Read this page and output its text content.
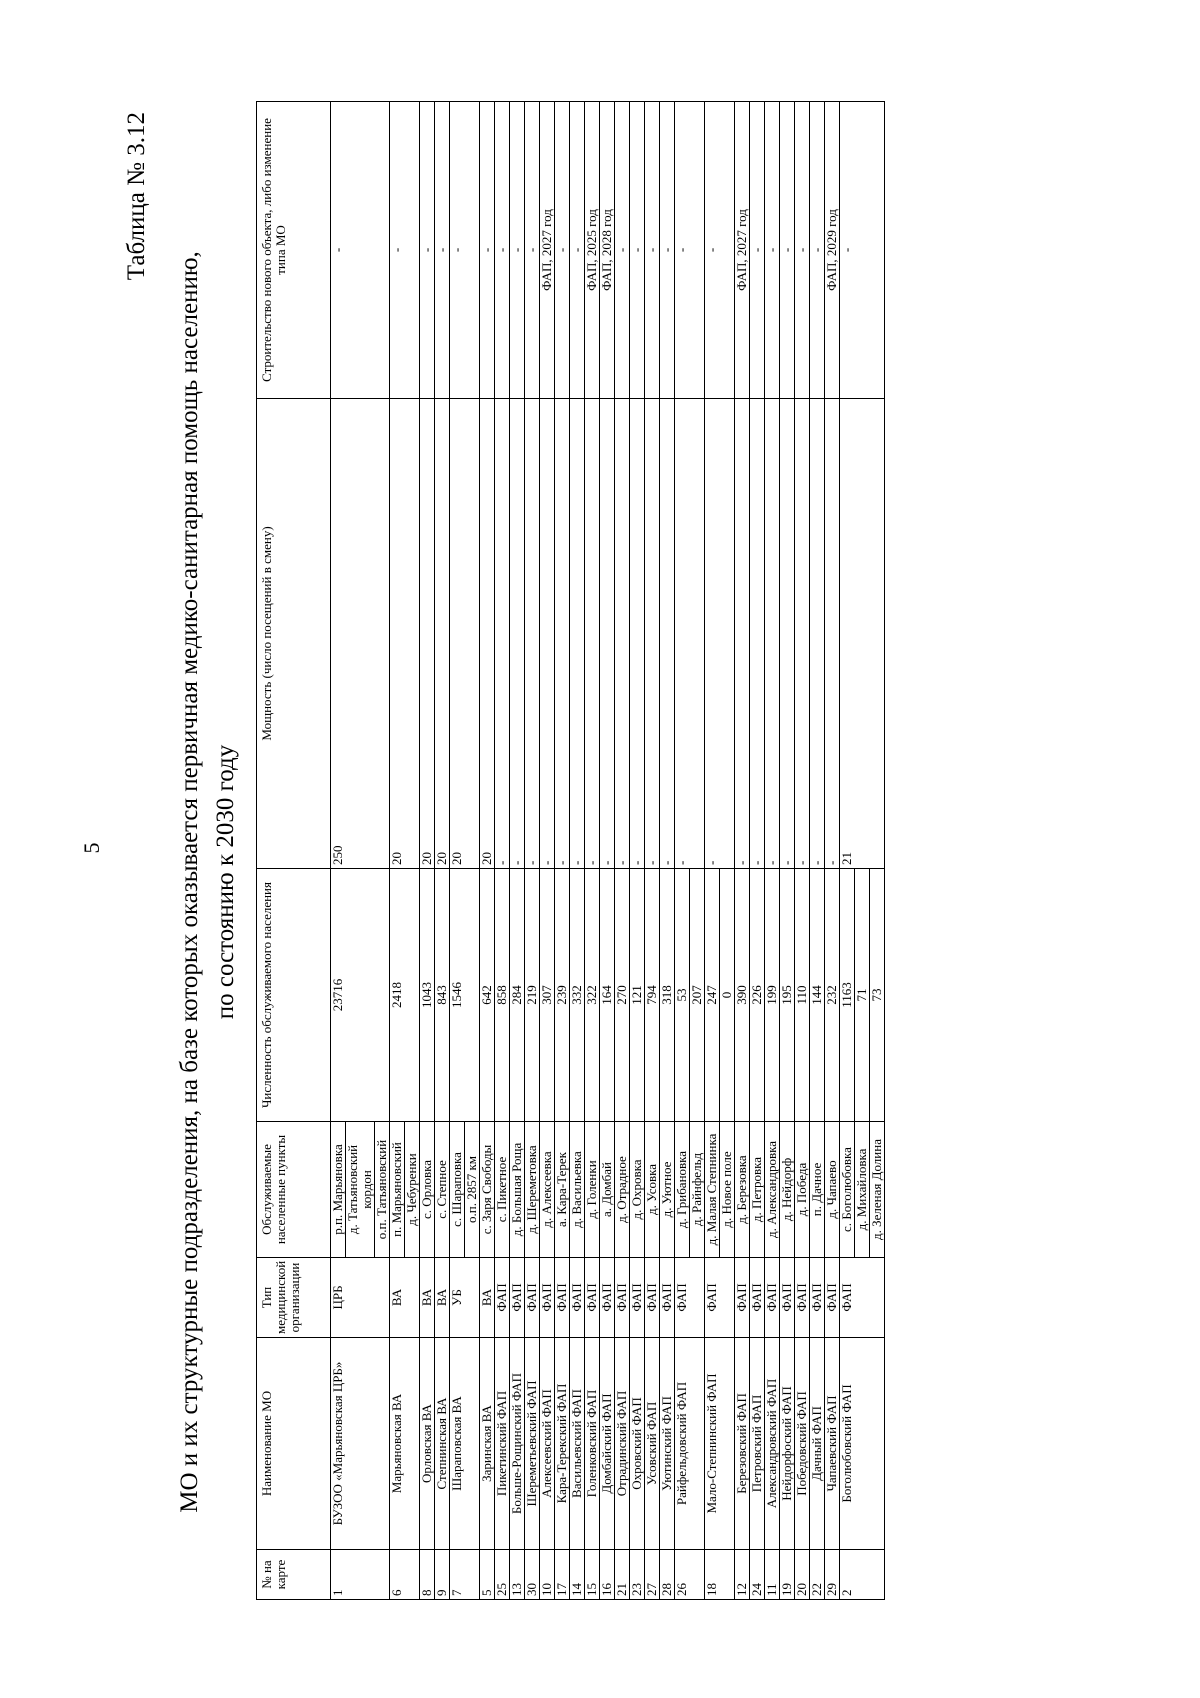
5
Таблица № 3.12
МО и их структурные подразделения, на базе которых оказывается первичная медико-санитарная помощь населению, по состоянию к 2030 году
№ на карте	Наименование МО	Тип медицинской организации	Обслуживаемые населенные пункты	Численность обслуживаемого населения	Мощность (число посещений в смену)	Строительство нового объекта, либо изменение типа МО
1	БУЗОО «Марьяновская ЦРБ»	ЦРБ	р.п. Марьяновка	23716	250	-
			д. Татьяновский кордон			
			о.п. Татьяновский			
6	Марьяновская ВА	ВА	п. Марьяновский	2418	20	-
			д. Чебуренки			
8	Орловская ВА	ВА	с. Орловка	1043	20	-
9	Степнинская ВА	ВА	с. Степное	843	20	-
7	Шараповская ВА	УБ	с. Шараповка	1546	20	-
			о.п. 2857 км			
5	Заринская ВА	ВА	с. Заря Свободы	642	20	-
25	Пикетинский ФАП	ФАП	с. Пикетное	858	-	-
13	Больше-Рощинский ФАП	ФАП	д. Большая Роща	284	-	-
30	Шереметьевский ФАП	ФАП	д. Шереметовка	219	-	-
10	Алексеевский ФАП	ФАП	д. Алексеевка	307	-	ФАП, 2027 год
17	Кара-Терекский ФАП	ФАП	а. Кара-Терек	239	-	-
14	Васильевский ФАП	ФАП	д. Васильевка	332	-	-
15	Голенковский ФАП	ФАП	д. Голенки	322	-	ФАП, 2025 год
16	Домбайский ФАП	ФАП	а. Домбай	164	-	ФАП, 2028 год
21	Отрадинский ФАП	ФАП	д. Отрадное	270	-	-
23	Охровский ФАП	ФАП	д. Охровка	121	-	-
27	Усовский ФАП	ФАП	д. Усовка	794	-	-
28	Уютинский ФАП	ФАП	д. Уютное	318	-	-
26	Райфельдовский ФАП	ФАП	д. Грибановка	53	-	-
			д. Райнфельд	207		
18	Мало-Степнинский ФАП	ФАП	д. Малая Степнинка	247	-	-
			д. Новое поле	0		
12	Березовский ФАП	ФАП	д. Березовка	390	-	ФАП, 2027 год
24	Петровский ФАП	ФАП	д. Петровка	226	-	-
11	Александровский ФАП	ФАП	д. Александровка	199	-	-
19	Нейдорфоский ФАП	ФАП	д. Нейдорф	195	-	-
20	Победовский ФАП	ФАП	д. Победа	110	-	-
22	Дачный ФАП	ФАП	п. Дачное	144	-	-
29	Чапаевский ФАП	ФАП	д. Чапаево	232	-	ФАП, 2029 год
2	Боголюбовский ФАП	ФАП	с. Боголюбовка	1163	21	-
			д. Михайловка	71		
			д. Зеленая Долина	73		
